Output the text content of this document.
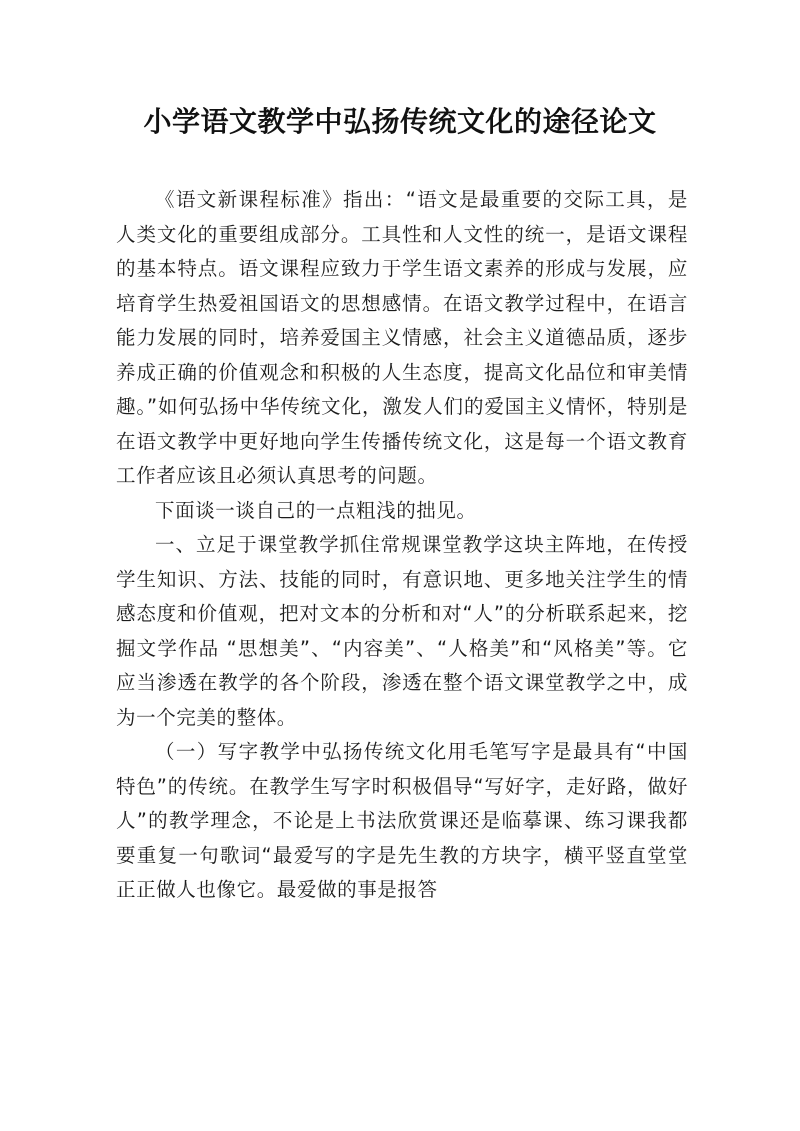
小学语文教学中弘扬传统文化的途径论文

《语文新课程标准》指出：“语文是最重要的交际工具，是人类文化的重要组成部分。工具性和人文性的统一，是语文课程的基本特点。语文课程应致力于学生语文素养的形成与发展，应培育学生热爱祖国语文的思想感情。在语文教学过程中，在语言能力发展的同时，培养爱国主义情感，社会主义道德品质，逐步养成正确的价值观念和积极的人生态度，提高文化品位和审美情趣。”如何弘扬中华传统文化，激发人们的爱国主义情怀，特别是在语文教学中更好地向学生传播传统文化，这是每一个语文教育工作者应该且必须认真思考的问题。

下面谈一谈自己的一点粗浅的拙见。

一、立足于课堂教学抓住常规课堂教学这块主阵地，在传授学生知识、方法、技能的同时，有意识地、更多地关注学生的情感态度和价值观，把对文本的分析和对“人”的分析联系起来，挖掘文学作品 “思想美”、“内容美”、“人格美”和“风格美”等。它应当渗透在教学的各个阶段，渗透在整个语文课堂教学之中，成为一个完美的整体。

（一）写字教学中弘扬传统文化用毛笔写字是最具有“中国特色”的传统。在教学生写字时积极倡导“写好字，走好路，做好人”的教学理念，不论是上书法欣赏课还是临摹课、练习课我都要重复一句歌词“最爱写的字是先生教的方块字，横平竖直堂堂正正做人也像它。最爱做的事是报答
